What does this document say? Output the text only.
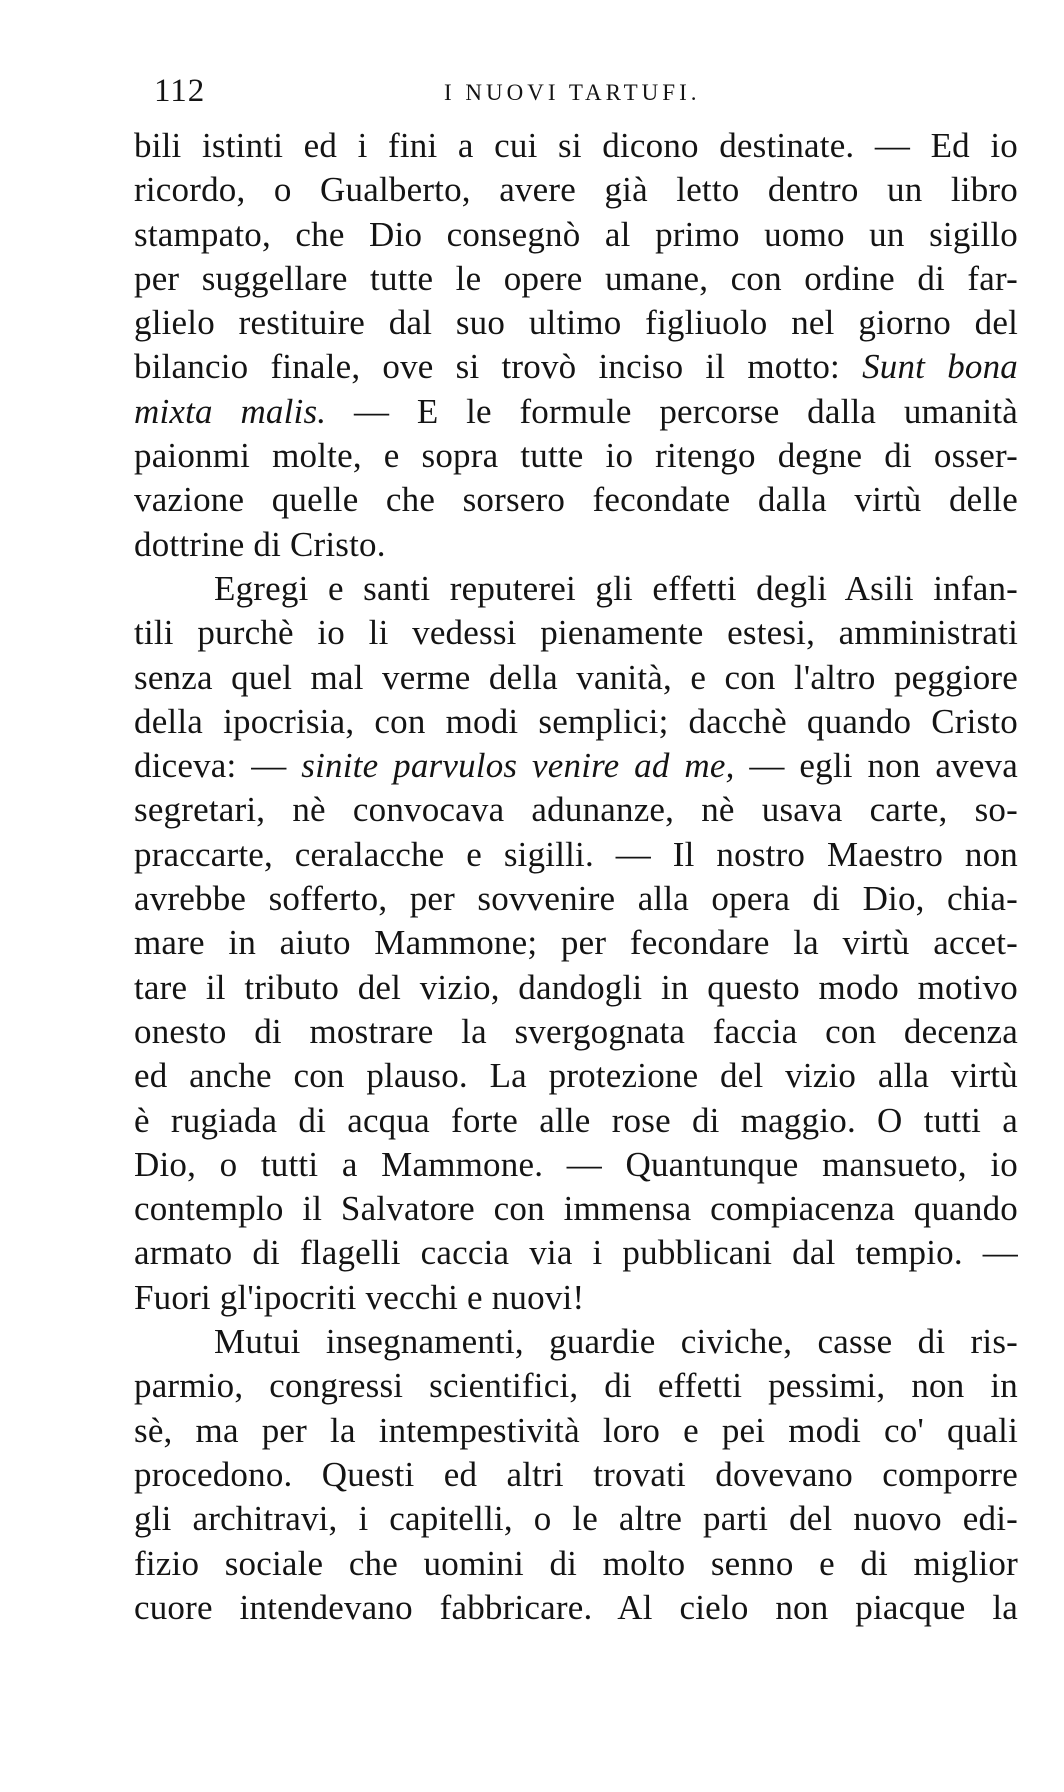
112	I NUOVI TARTUFI.
bili istinti ed i fini a cui si dicono destinate. — Ed io
ricordo, o Gualberto, avere già letto dentro un libro
stampato, che Dio consegnò al primo uomo un sigillo
per suggellare tutte le opere umane, con ordine di far-
glielo restituire dal suo ultimo figliuolo nel giorno del
bilancio finale, ove si trovò inciso il motto: Sunt bona
mixta malis. — E le formule percorse dalla umanità
paionmi molte, e sopra tutte io ritengo degne di osser-
vazione quelle che sorsero fecondate dalla virtù delle
dottrine di Cristo.
Egregi e santi reputerei gli effetti degli Asili infan-
tili purchè io li vedessi pienamente estesi, amministrati
senza quel mal verme della vanità, e con l'altro peggiore
della ipocrisia, con modi semplici; dacchè quando Cristo
diceva: — sinite parvulos venire ad me, — egli non aveva
segretari, nè convocava adunanze, nè usava carte, so-
praccarte, ceralacche e sigilli. — Il nostro Maestro non
avrebbe sofferto, per sovvenire alla opera di Dio, chia-
mare in aiuto Mammone; per fecondare la virtù accet-
tare il tributo del vizio, dandogli in questo modo motivo
onesto di mostrare la svergognata faccia con decenza
ed anche con plauso. La protezione del vizio alla virtù
è rugiada di acqua forte alle rose di maggio. O tutti a
Dio, o tutti a Mammone. — Quantunque mansueto, io
contemplo il Salvatore con immensa compiacenza quando
armato di flagelli caccia via i pubblicani dal tempio. —
Fuori gl'ipocriti vecchi e nuovi!
Mutui insegnamenti, guardie civiche, casse di ris-
parmio, congressi scientifici, di effetti pessimi, non in
sè, ma per la intempestività loro e pei modi co' quali
procedono. Questi ed altri trovati dovevano comporre
gli architravi, i capitelli, o le altre parti del nuovo edi-
fizio sociale che uomini di molto senno e di miglior
cuore intendevano fabbricare. Al cielo non piacque la
